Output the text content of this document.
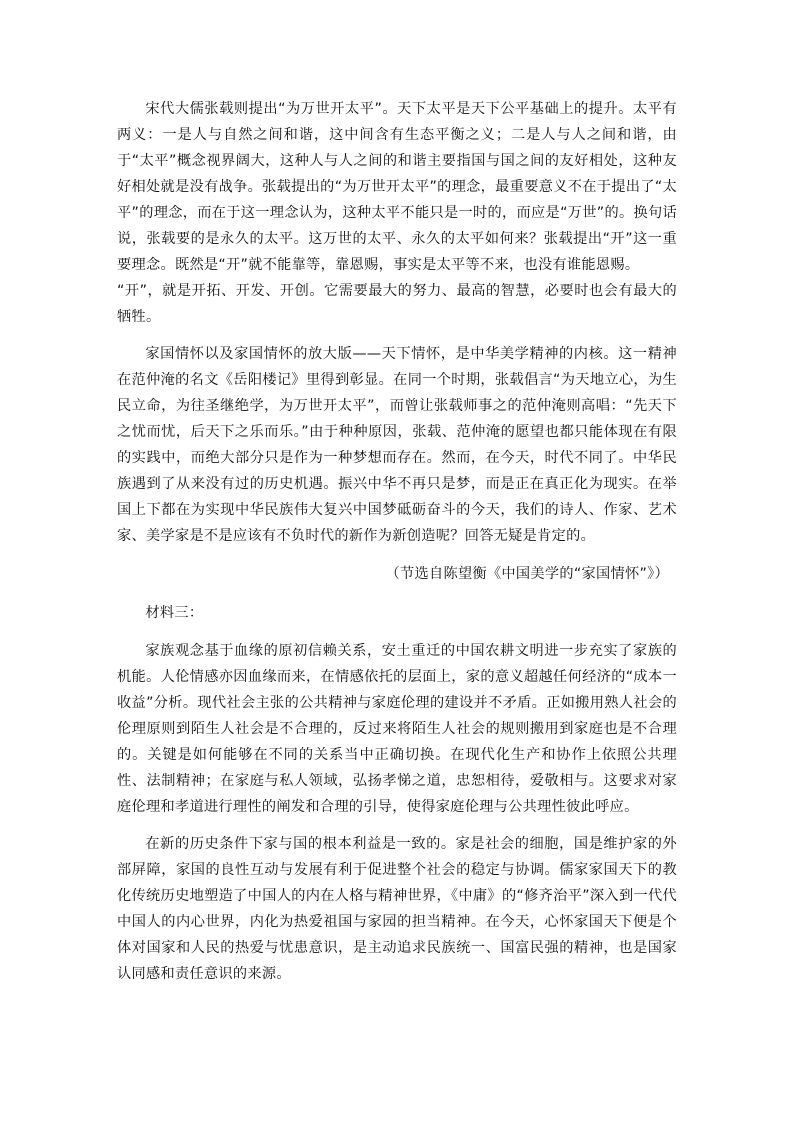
宋代大儒张载则提出“为万世开太平”。天下太平是天下公平基础上的提升。太平有两义：一是人与自然之间和谐，这中间含有生态平衡之义；二是人与人之间和谐，由于“太平”概念视界阔大，这种人与人之间的和谐主要指国与国之间的友好相处，这种友好相处就是没有战争。张载提出的“为万世开太平”的理念，最重要意义不在于提出了“太平”的理念，而在于这一理念认为，这种太平不能只是一时的，而应是“万世”的。换句话说，张载要的是永久的太平。这万世的太平、永久的太平如何来？张载提出“开”这一重要理念。既然是“开”就不能靠等，靠恩赐，事实是太平等不来，也没有谁能恩赐。

“开”，就是开拓、开发、开创。它需要最大的努力、最高的智慧，必要时也会有最大的牺牲。

家国情怀以及家国情怀的放大版——天下情怀，是中华美学精神的内核。这一精神在范仲淹的名文《岳阳楼记》里得到彰显。在同一个时期，张载倡言“为天地立心，为生民立命，为往圣继绝学，为万世开太平”，而曾让张载师事之的范仲淹则高唱：“先天下之忧而忧，后天下之乐而乐。”由于种种原因，张载、范仲淹的愿望也都只能体现在有限的实践中，而绝大部分只是作为一种梦想而存在。然而，在今天，时代不同了。中华民族遇到了从来没有过的历史机遇。振兴中华不再只是梦，而是正在真正化为现实。在举国上下都在为实现中华民族伟大复兴中国梦砥砺奋斗的今天，我们的诗人、作家、艺术家、美学家是不是应该有不负时代的新作为新创造呢？回答无疑是肯定的。

（节选自陈望衡《中国美学的“家国情怀”》）

材料三：

家族观念基于血缘的原初信赖关系，安土重迁的中国农耕文明进一步充实了家族的机能。人伦情感亦因血缘而来，在情感依托的层面上，家的意义超越任何经济的“成本一收益”分析。现代社会主张的公共精神与家庭伦理的建设并不矛盾。正如搬用熟人社会的伦理原则到陌生人社会是不合理的，反过来将陌生人社会的规则搬用到家庭也是不合理的。关键是如何能够在不同的关系当中正确切换。在现代化生产和协作上依照公共理性、法制精神；在家庭与私人领域，弘扬孝悌之道，忠恕相待，爱敬相与。这要求对家庭伦理和孝道进行理性的阐发和合理的引导，使得家庭伦理与公共理性彼此呼应。

在新的历史条件下家与国的根本利益是一致的。家是社会的细胞，国是维护家的外部屏障，家国的良性互动与发展有利于促进整个社会的稳定与协调。儒家家国天下的教化传统历史地塑造了中国人的内在人格与精神世界，《中庸》的“修齐治平”深入到一代代中国人的内心世界，内化为热爱祖国与家园的担当精神。在今天，心怀家国天下便是个体对国家和人民的热爱与忧患意识，是主动追求民族统一、国富民强的精神，也是国家认同感和责任意识的来源。
